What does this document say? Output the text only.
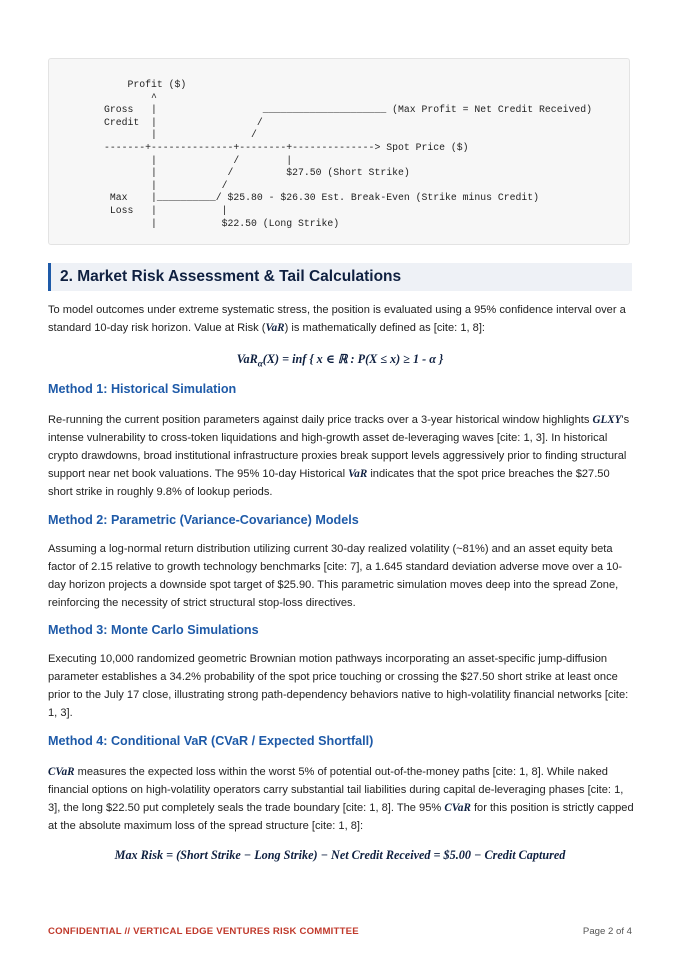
Profit ($)
^
Gross   |                  _____________________ (Max Profit = Net Credit Received)
Credit  |                 /
|                /
-------+--------------+--------+--------------> Spot Price ($)
|             /        |
|            /         $27.50 (Short Strike)
|           /
Max    |__________/ $25.80 - $26.30 Est. Break-Even (Strike minus Credit)
Loss   |           |
|           $22.50 (Long Strike)
2. Market Risk Assessment & Tail Calculations

To model outcomes under extreme systematic stress, the position is evaluated using a 95% confidence interval over a standard 10-day risk horizon. Value at Risk (VaR) is mathematically defined as [cite: 1, 8]:

VaR$_\alpha$(X) = inf { x ∈ ℝ : P(X ≤ x) ≥ 1 - α }
Method 1: Historical Simulation

Re-running the current position parameters against daily price tracks over a 3-year historical window highlights GLXY's intense vulnerability to cross-token liquidations and high-growth asset de-leveraging waves [cite: 1, 3]. In historical crypto drawdowns, broad institutional infrastructure proxies break support levels aggressively prior to finding structural support near net book valuations. The 95% 10-day Historical VaR indicates that the spot price breaches the $27.50 short strike in roughly 9.8% of lookup periods.

Method 2: Parametric (Variance-Covariance) Models

Assuming a log-normal return distribution utilizing current 30-day realized volatility (~81%) and an asset equity beta factor of 2.15 relative to growth technology benchmarks [cite: 7], a 1.645 standard deviation adverse move over a 10-day horizon projects a downside spot target of $25.90. This parametric simulation moves deep into the spread Zone, reinforcing the necessity of strict structural stop-loss directives.

Method 3: Monte Carlo Simulations

Executing 10,000 randomized geometric Brownian motion pathways incorporating an asset-specific jump-diffusion parameter establishes a 34.2% probability of the spot price touching or crossing the $27.50 short strike at least once prior to the July 17 close, illustrating strong path-dependency behaviors native to high-volatility financial networks [cite: 1, 3].

Method 4: Conditional VaR (CVaR / Expected Shortfall)

CVaR measures the expected loss within the worst 5% of potential out-of-the-money paths [cite: 1, 8]. While naked financial options on high-volatility operators carry substantial tail liabilities during capital de-leveraging phases [cite: 1, 3], the long $22.50 put completely seals the trade boundary [cite: 1, 8]. The 95% CVaR for this position is strictly capped at the absolute maximum loss of the spread structure [cite: 1, 8]:

Max Risk = (Short Strike − Long Strike) − Net Credit Received = $5.00 − Credit Captured
CONFIDENTIAL // VERTICAL EDGE VENTURES RISK COMMITTEE	Page 2 of 4
